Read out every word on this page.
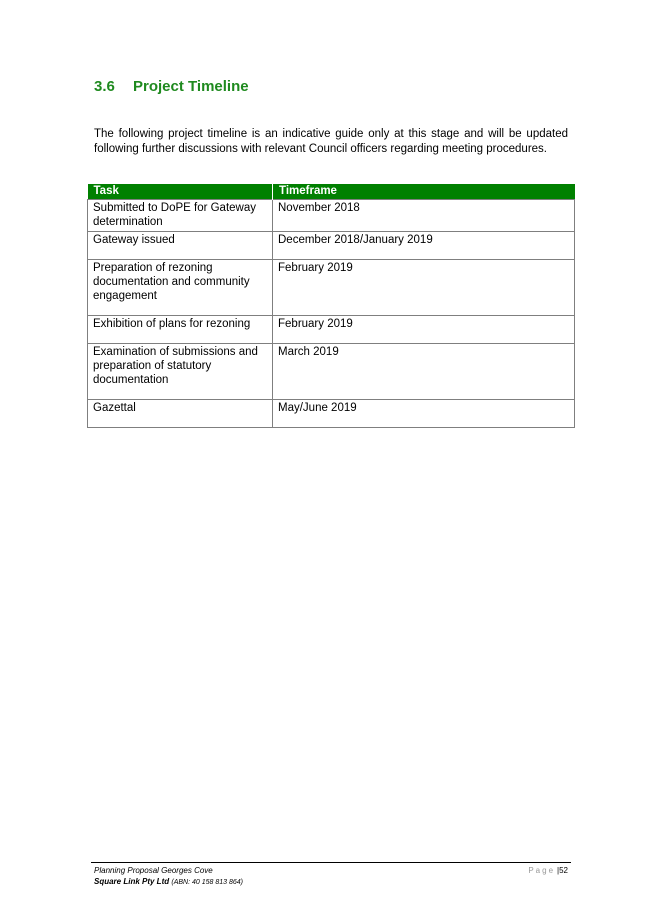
3.6 Project Timeline

The following project timeline is an indicative guide only at this stage and will be updated following further discussions with relevant Council officers regarding meeting procedures.

Task	Timeframe
Submitted to DoPE for Gateway determination	November 2018
Gateway issued	December 2018/January 2019
Preparation of rezoning documentation and community engagement	February 2019
Exhibition of plans for rezoning	February 2019
Examination of submissions and preparation of statutory documentation	March 2019
Gazettal	May/June 2019
Planning Proposal Georges Cove
Square Link Pty Ltd (ABN: 40 158 813 864)
Page |52
